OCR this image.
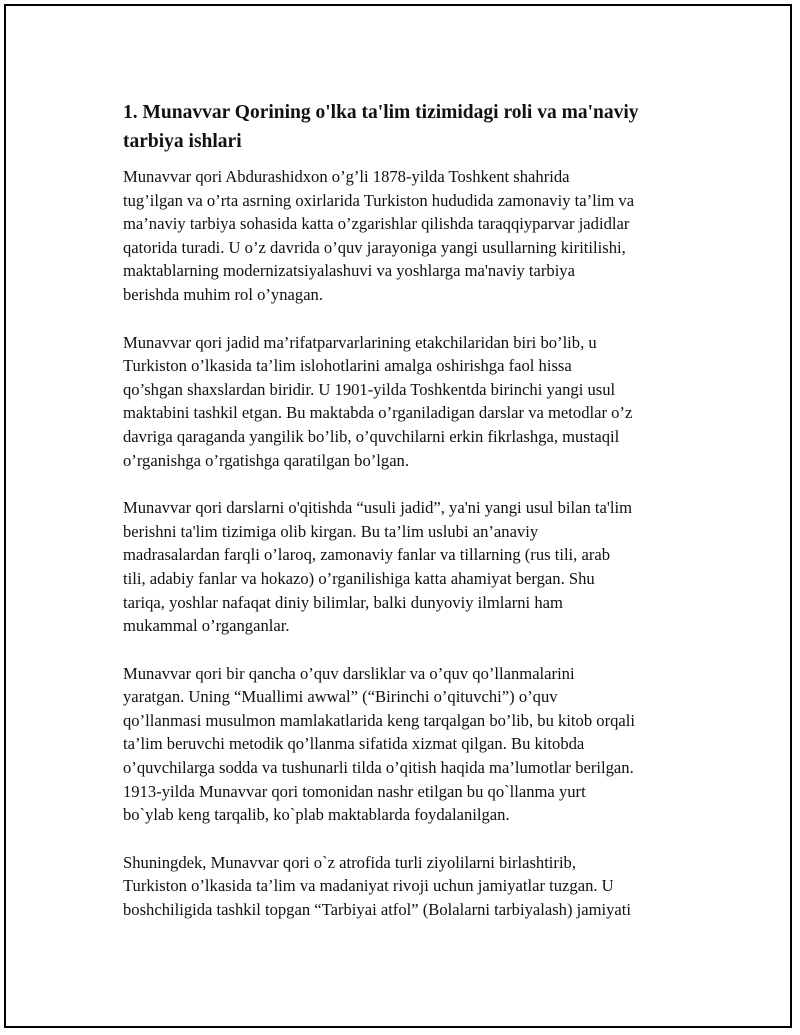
1. Munavvar Qorining o'lka ta'lim tizimidagi roli va ma'naviy tarbiya ishlari

Munavvar qori Abdurashidxon o’g’li 1878-yilda Toshkent shahrida
tug’ilgan va o’rta asrning oxirlarida Turkiston hududida zamonaviy ta’lim va
ma’naviy tarbiya sohasida katta o’zgarishlar qilishda taraqqiyparvar jadidlar
qatorida turadi. U o’z davrida o’quv jarayoniga yangi usullarning kiritilishi,
maktablarning modernizatsiyalashuvi va yoshlarga ma'naviy tarbiya
berishda muhim rol o’ynagan.

Munavvar qori jadid ma’rifatparvarlarining etakchilaridan biri bo’lib, u
Turkiston o’lkasida ta’lim islohotlarini amalga oshirishga faol hissa
qo’shgan shaxslardan biridir. U 1901-yilda Toshkentda birinchi yangi usul
maktabini tashkil etgan. Bu maktabda o’rganiladigan darslar va metodlar o’z
davriga qaraganda yangilik bo’lib, o’quvchilarni erkin fikrlashga, mustaqil
o’rganishga o’rgatishga qaratilgan bo’lgan.

Munavvar qori darslarni o'qitishda “usuli jadid”, ya'ni yangi usul bilan ta'lim
berishni ta'lim tizimiga olib kirgan. Bu ta’lim uslubi an’anaviy
madrasalardan farqli o’laroq, zamonaviy fanlar va tillarning (rus tili, arab
tili, adabiy fanlar va hokazo) o’rganilishiga katta ahamiyat bergan. Shu
tariqa, yoshlar nafaqat diniy bilimlar, balki dunyoviy ilmlarni ham
mukammal o’rganganlar.

Munavvar qori bir qancha o’quv darsliklar va o’quv qo’llanmalarini
yaratgan. Uning “Muallimi awwal” (“Birinchi o’qituvchi”) o’quv
qo’llanmasi musulmon mamlakatlarida keng tarqalgan bo’lib, bu kitob orqali
ta’lim beruvchi metodik qo’llanma sifatida xizmat qilgan. Bu kitobda
o’quvchilarga sodda va tushunarli tilda o’qitish haqida ma’lumotlar berilgan.
1913-yilda Munavvar qori tomonidan nashr etilgan bu qo`llanma yurt
bo`ylab keng tarqalib, ko`plab maktablarda foydalanilgan.

Shuningdek, Munavvar qori o`z atrofida turli ziyolilarni birlashtirib,
Turkiston o’lkasida ta’lim va madaniyat rivoji uchun jamiyatlar tuzgan. U
boshchiligida tashkil topgan “Tarbiyai atfol” (Bolalarni tarbiyalash) jamiyati
